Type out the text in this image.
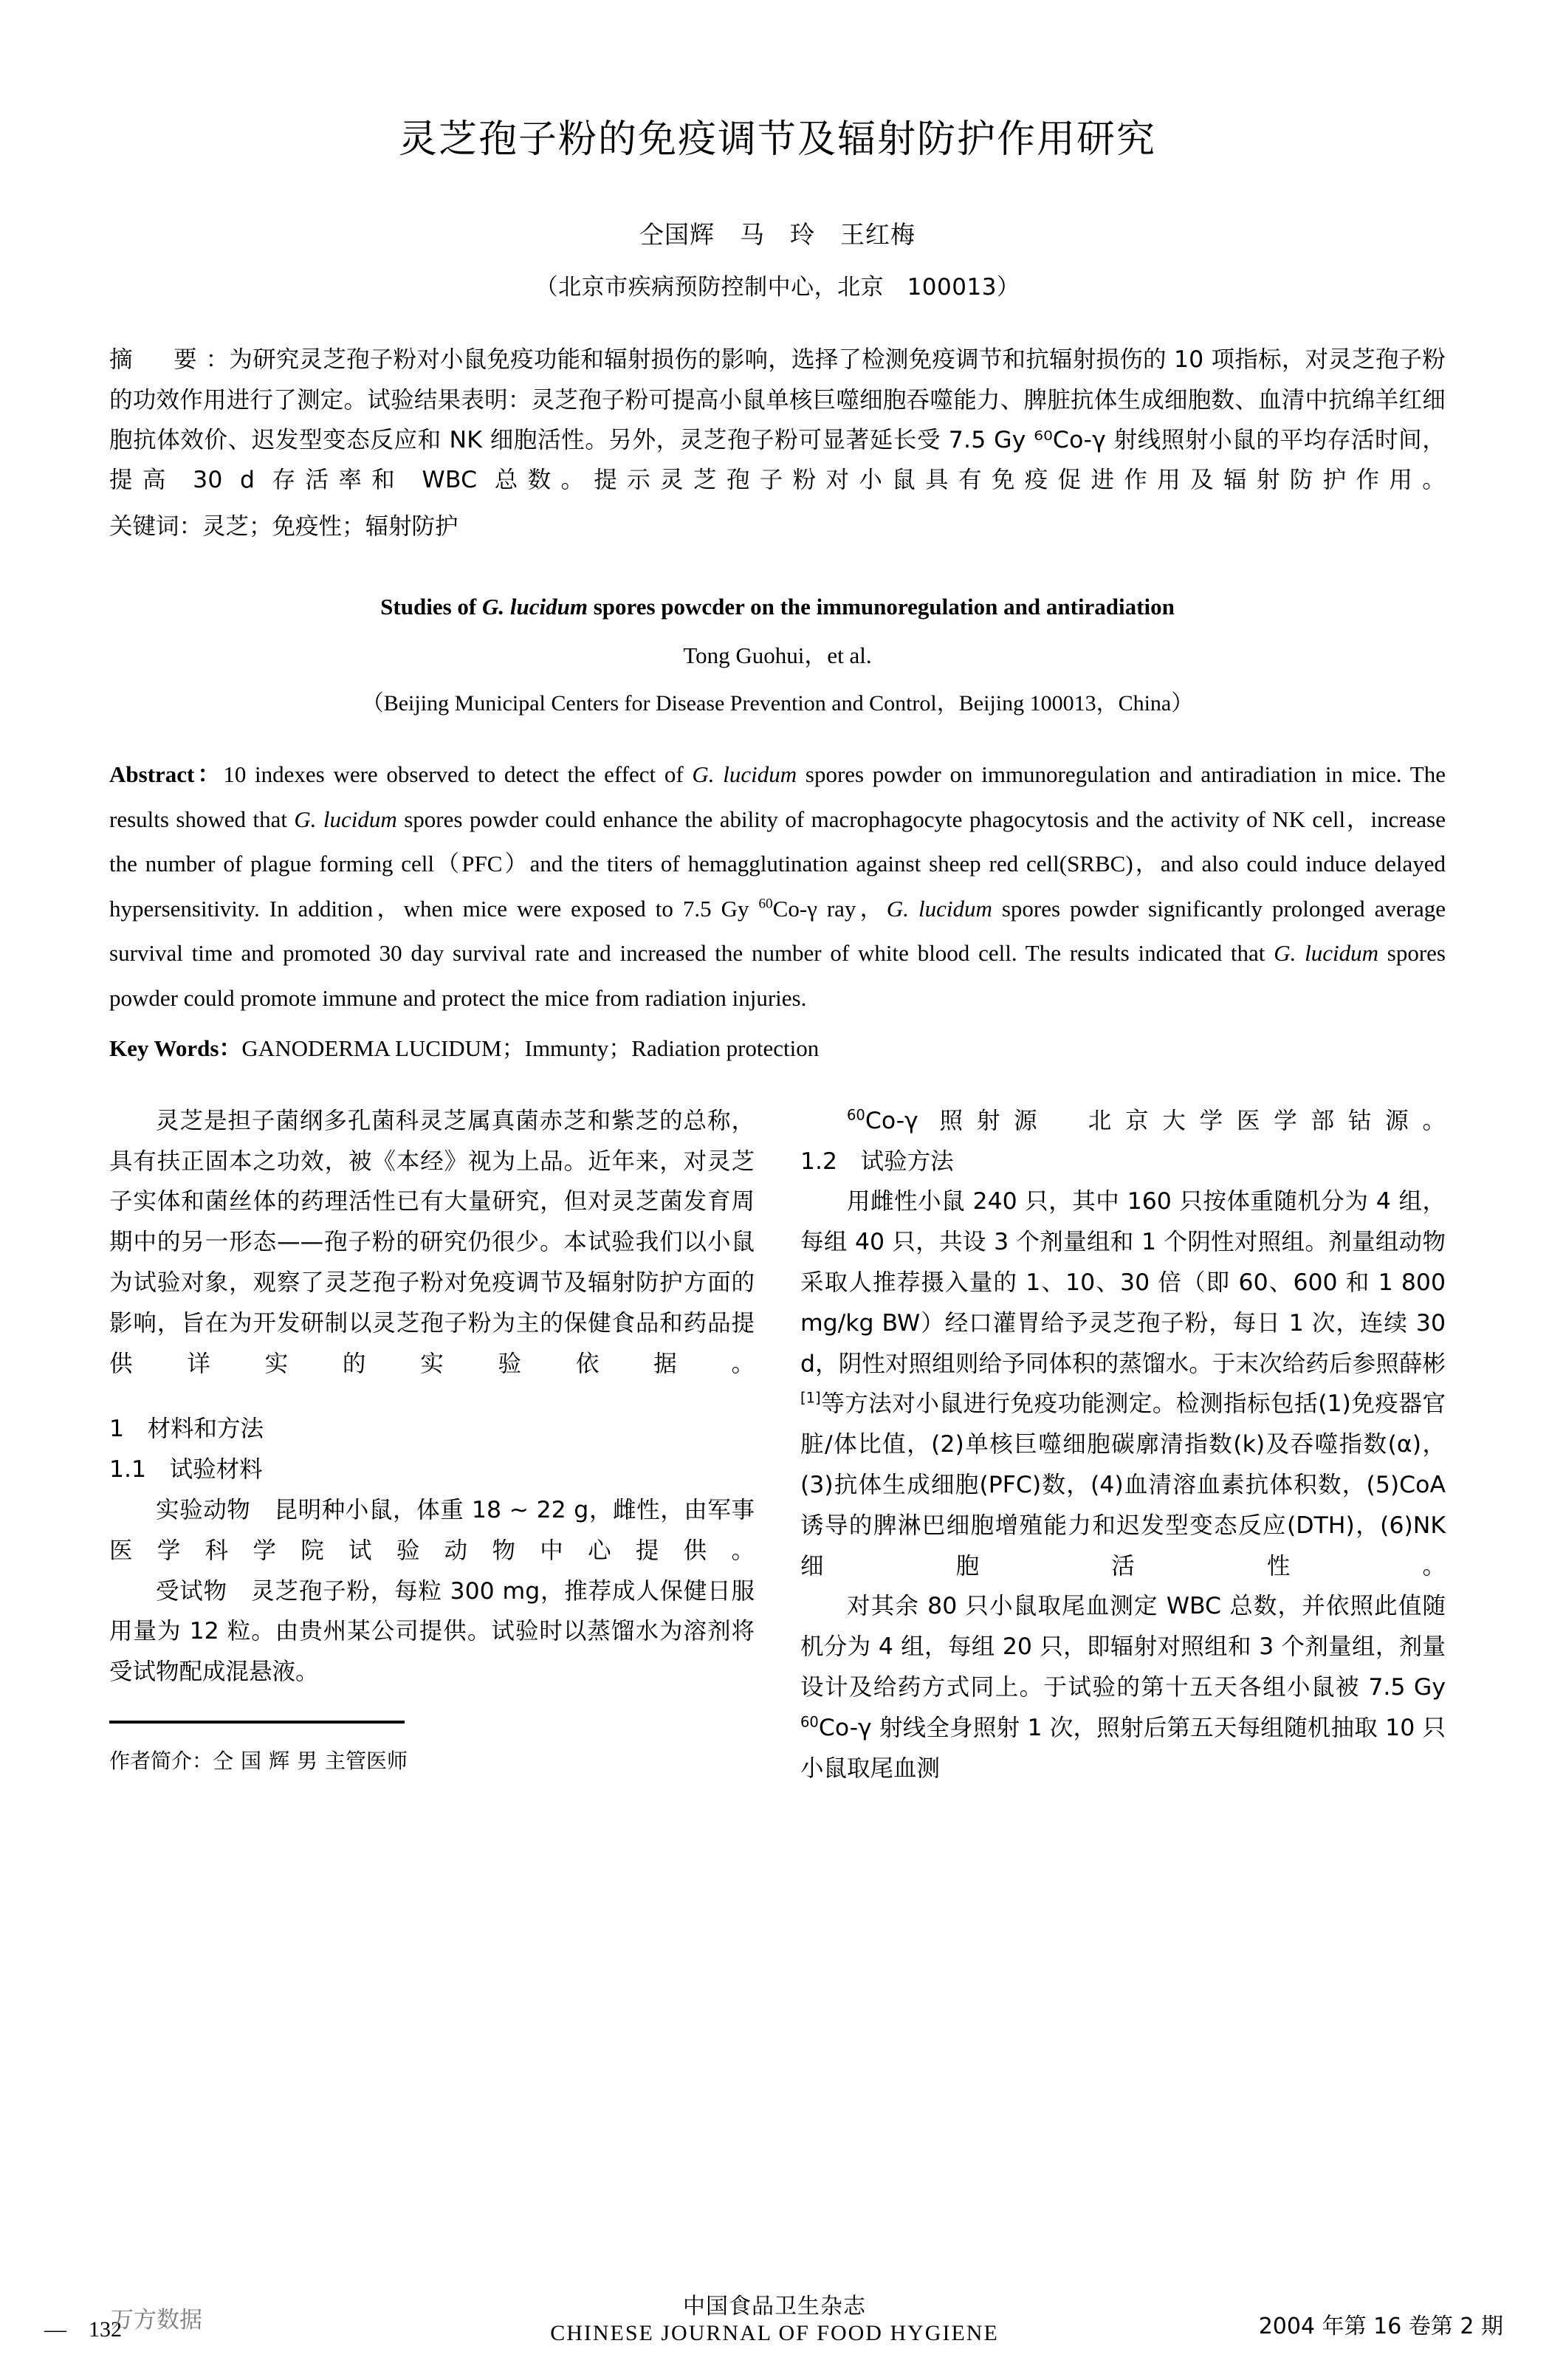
灵芝孢子粉的免疫调节及辐射防护作用研究
仝国辉　马　玲　王红梅
（北京市疾病预防控制中心，北京　100013）
摘　要：为研究灵芝孢子粉对小鼠免疫功能和辐射损伤的影响，选择了检测免疫调节和抗辐射损伤的 10 项指标，对灵芝孢子粉的功效作用进行了测定。试验结果表明：灵芝孢子粉可提高小鼠单核巨噬细胞吞噬能力、脾脏抗体生成细胞数、血清中抗绵羊红细胞抗体效价、迟发型变态反应和 NK 细胞活性。另外，灵芝孢子粉可显著延长受 7.5 Gy ⁶⁰Co‑γ 射线照射小鼠的平均存活时间，提高 30 d 存活率和 WBC 总数。提示灵芝孢子粉对小鼠具有免疫促进作用及辐射防护作用。
关键词：灵芝；免疫性；辐射防护
Studies of G. lucidum spores powcder on the immunoregulation and antiradiation
Tong Guohui，et al.
（Beijing Municipal Centers for Disease Prevention and Control，Beijing 100013，China）
Abstract：10 indexes were observed to detect the effect of G. lucidum spores powder on immunoregulation and antiradiation in mice. The results showed that G. lucidum spores powder could enhance the ability of macrophagocyte phagocytosis and the activity of NK cell，increase the number of plague forming cell（PFC）and the titers of hemagglutination against sheep red cell(SRBC)，and also could induce delayed hypersensitivity. In addition，when mice were exposed to 7.5 Gy $^{60}$Co-γ ray，G. lucidum spores powder significantly prolonged average survival time and promoted 30 day survival rate and increased the number of white blood cell. The results indicated that G. lucidum spores powder could promote immune and protect the mice from radiation injuries.
Key Words：GANODERMA LUCIDUM；Immunty；Radiation protection

灵芝是担子菌纲多孔菌科灵芝属真菌赤芝和紫芝的总称，具有扶正固本之功效，被《本经》视为上品。近年来，对灵芝子实体和菌丝体的药理活性已有大量研究，但对灵芝菌发育周期中的另一形态——孢子粉的研究仍很少。本试验我们以小鼠为试验对象，观察了灵芝孢子粉对免疫调节及辐射防护方面的影响，旨在为开发研制以灵芝孢子粉为主的保健食品和药品提供详实的实验依据。

1　材料和方法

1.1　试验材料

实验动物　昆明种小鼠，体重 18 ~ 22 g，雌性，由军事医学科学院试验动物中心提供。

受试物　灵芝孢子粉，每粒 300 mg，推荐成人保健日服用量为 12 粒。由贵州某公司提供。试验时以蒸馏水为溶剂将受试物配成混悬液。

作者简介：仝国辉男主管医师

$^{60}$Co-γ 照射源　北京大学医学部钴源。

1.2　试验方法

用雌性小鼠 240 只，其中 160 只按体重随机分为 4 组，每组 40 只，共设 3 个剂量组和 1 个阴性对照组。剂量组动物采取人推荐摄入量的 1、10、30 倍（即 60、600 和 1 800 mg/kg BW）经口灌胃给予灵芝孢子粉，每日 1 次，连续 30 d，阴性对照组则给予同体积的蒸馏水。于末次给药后参照薛彬[1]等方法对小鼠进行免疫功能测定。检测指标包括(1)免疫器官脏/体比值，(2)单核巨噬细胞碳廓清指数(k)及吞噬指数(α)，(3)抗体生成细胞(PFC)数，(4)血清溶血素抗体积数，(5)CoA 诱导的脾淋巴细胞增殖能力和迟发型变态反应(DTH)，(6)NK 细胞活性。

对其余 80 只小鼠取尾血测定 WBC 总数，并依照此值随机分为 4 组，每组 20 只，即辐射对照组和 3 个剂量组，剂量设计及给药方式同上。于试验的第十五天各组小鼠被 7.5 Gy $^{60}$Co-γ 射线全身照射 1 次，照射后第五天每组随机抽取 10 只小鼠取尾血测

—　132
万方数据
中国食品卫生杂志
CHINESE JOURNAL OF FOOD HYGIENE	2004 年第 16 卷第 2 期
